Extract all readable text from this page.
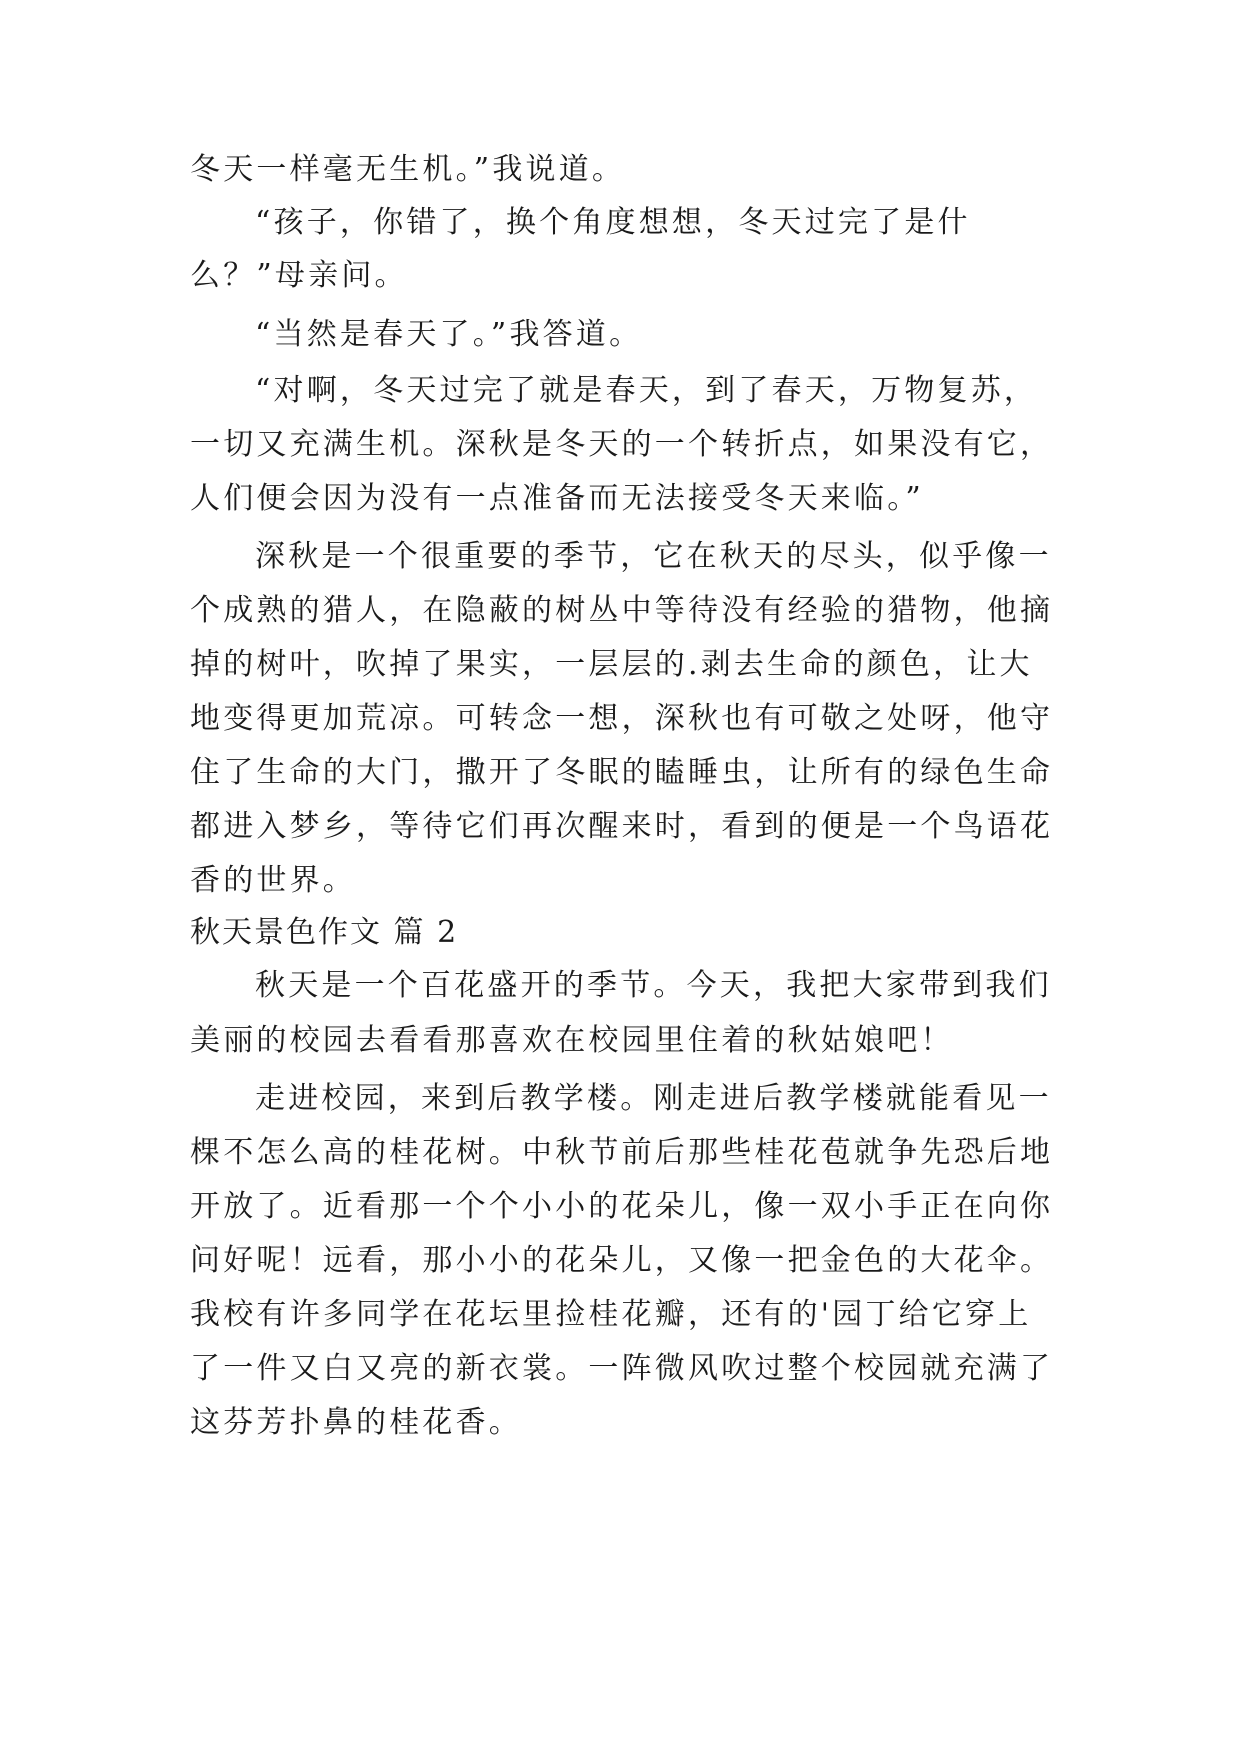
冬天一样毫无生机。”我说道。
“孩子，你错了，换个角度想想，冬天过完了是什
么？”母亲问。
“当然是春天了。”我答道。
“对啊，冬天过完了就是春天，到了春天，万物复苏，
一切又充满生机。深秋是冬天的一个转折点，如果没有它，
人们便会因为没有一点准备而无法接受冬天来临。”
深秋是一个很重要的季节，它在秋天的尽头，似乎像一
个成熟的猎人，在隐蔽的树丛中等待没有经验的猎物，他摘
掉的树叶，吹掉了果实，一层层的.剥去生命的颜色，让大
地变得更加荒凉。可转念一想，深秋也有可敬之处呀，他守
住了生命的大门，撒开了冬眠的瞌睡虫，让所有的绿色生命
都进入梦乡，等待它们再次醒来时，看到的便是一个鸟语花
香的世界。
秋天景色作文 篇 2
秋天是一个百花盛开的季节。今天，我把大家带到我们
美丽的校园去看看那喜欢在校园里住着的秋姑娘吧！
走进校园，来到后教学楼。刚走进后教学楼就能看见一
棵不怎么高的桂花树。中秋节前后那些桂花苞就争先恐后地
开放了。近看那一个个小小的花朵儿，像一双小手正在向你
问好呢！远看，那小小的花朵儿，又像一把金色的大花伞。
我校有许多同学在花坛里捡桂花瓣，还有的'园丁给它穿上
了一件又白又亮的新衣裳。一阵微风吹过整个校园就充满了
这芬芳扑鼻的桂花香。
